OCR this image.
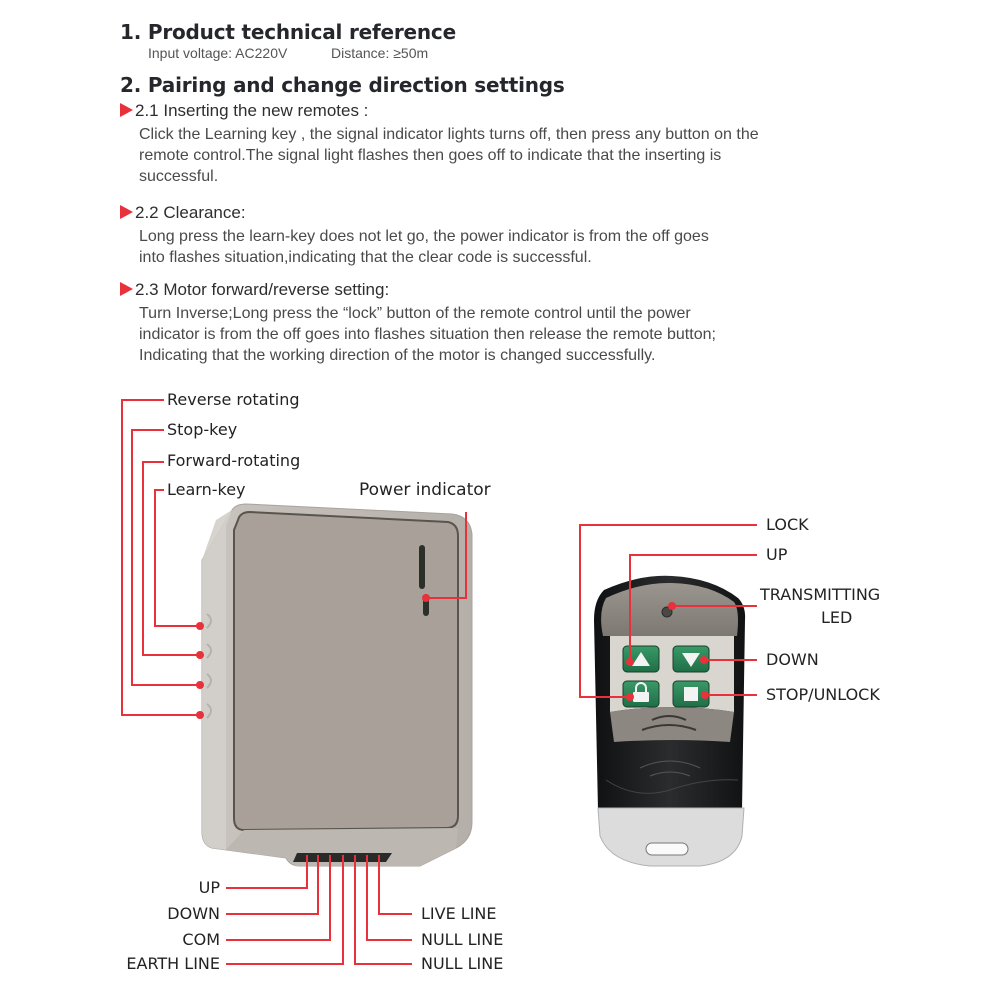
1. Product technical reference
Input voltage: AC220V	Distance: ≥50m
2. Pairing and change direction settings
2.1 Inserting the new remotes :
Click the Learning key , the signal indicator lights turns off, then press any button on the
remote control.The signal light flashes then goes off to indicate that the inserting is
successful.
2.2 Clearance:
Long press the learn-key does not let go, the power indicator is from the off goes
into flashes situation,indicating that the clear code is successful.
2.3 Motor forward/reverse setting:
Turn Inverse;Long press the “lock” button of the remote control until the power
indicator is from the off goes into flashes situation then release the remote button;
Indicating that the working direction of the motor is changed successfully.
Reverse rotating
Stop-key
Forward-rotating
Learn-key	Power indicator
UP
DOWN
COM
EARTH LINE
LIVE LINE
NULL LINE
NULL LINE
LOCK
UP
TRANSMITTING
LED
DOWN
STOP/UNLOCK
